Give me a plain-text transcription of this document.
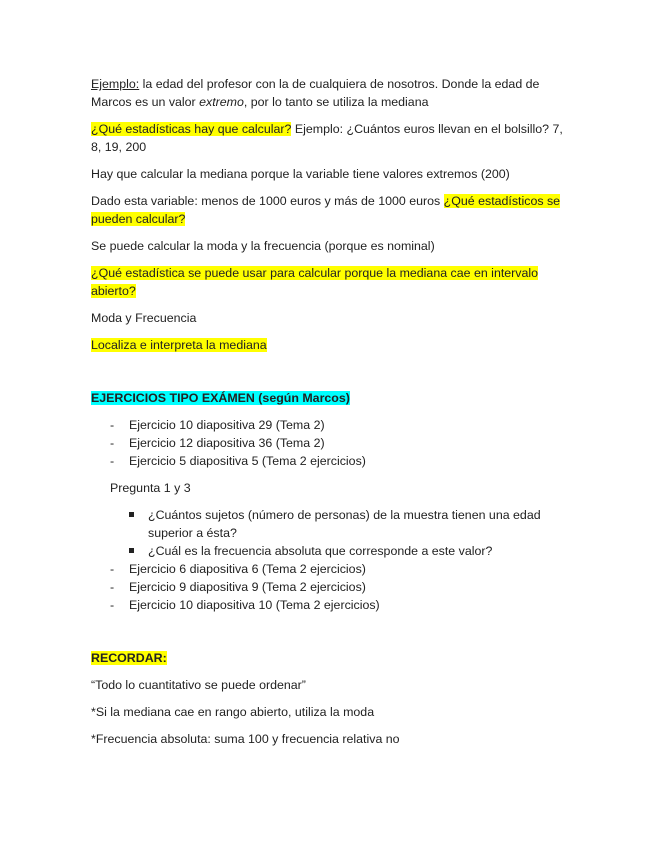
Ejemplo: la edad del profesor con la de cualquiera de nosotros. Donde la edad de Marcos es un valor extremo, por lo tanto se utiliza la mediana

¿Qué estadísticas hay que calcular? Ejemplo: ¿Cuántos euros llevan en el bolsillo? 7, 8, 19, 200

Hay que calcular la mediana porque la variable tiene valores extremos (200)

Dado esta variable: menos de 1000 euros y más de 1000 euros ¿Qué estadísticos se pueden calcular?

Se puede calcular la moda y la frecuencia (porque es nominal)

¿Qué estadística se puede usar para calcular porque la mediana cae en intervalo abierto?

Moda y Frecuencia

Localiza e interpreta la mediana

EJERCICIOS TIPO EXÁMEN (según Marcos)

- Ejercicio 10 diapositiva 29 (Tema 2)
- Ejercicio 12 diapositiva 36 (Tema 2)
- Ejercicio 5 diapositiva 5 (Tema 2 ejercicios)

Pregunta 1 y 3

¿Cuántos sujetos (número de personas) de la muestra tienen una edad superior a ésta?
¿Cuál es la frecuencia absoluta que corresponde a este valor?
- Ejercicio 6 diapositiva 6 (Tema 2 ejercicios)
- Ejercicio 9 diapositiva 9 (Tema 2 ejercicios)
- Ejercicio 10 diapositiva 10 (Tema 2 ejercicios)

RECORDAR:

“Todo lo cuantitativo se puede ordenar”

*Si la mediana cae en rango abierto, utiliza la moda

*Frecuencia absoluta: suma 100 y frecuencia relativa no
